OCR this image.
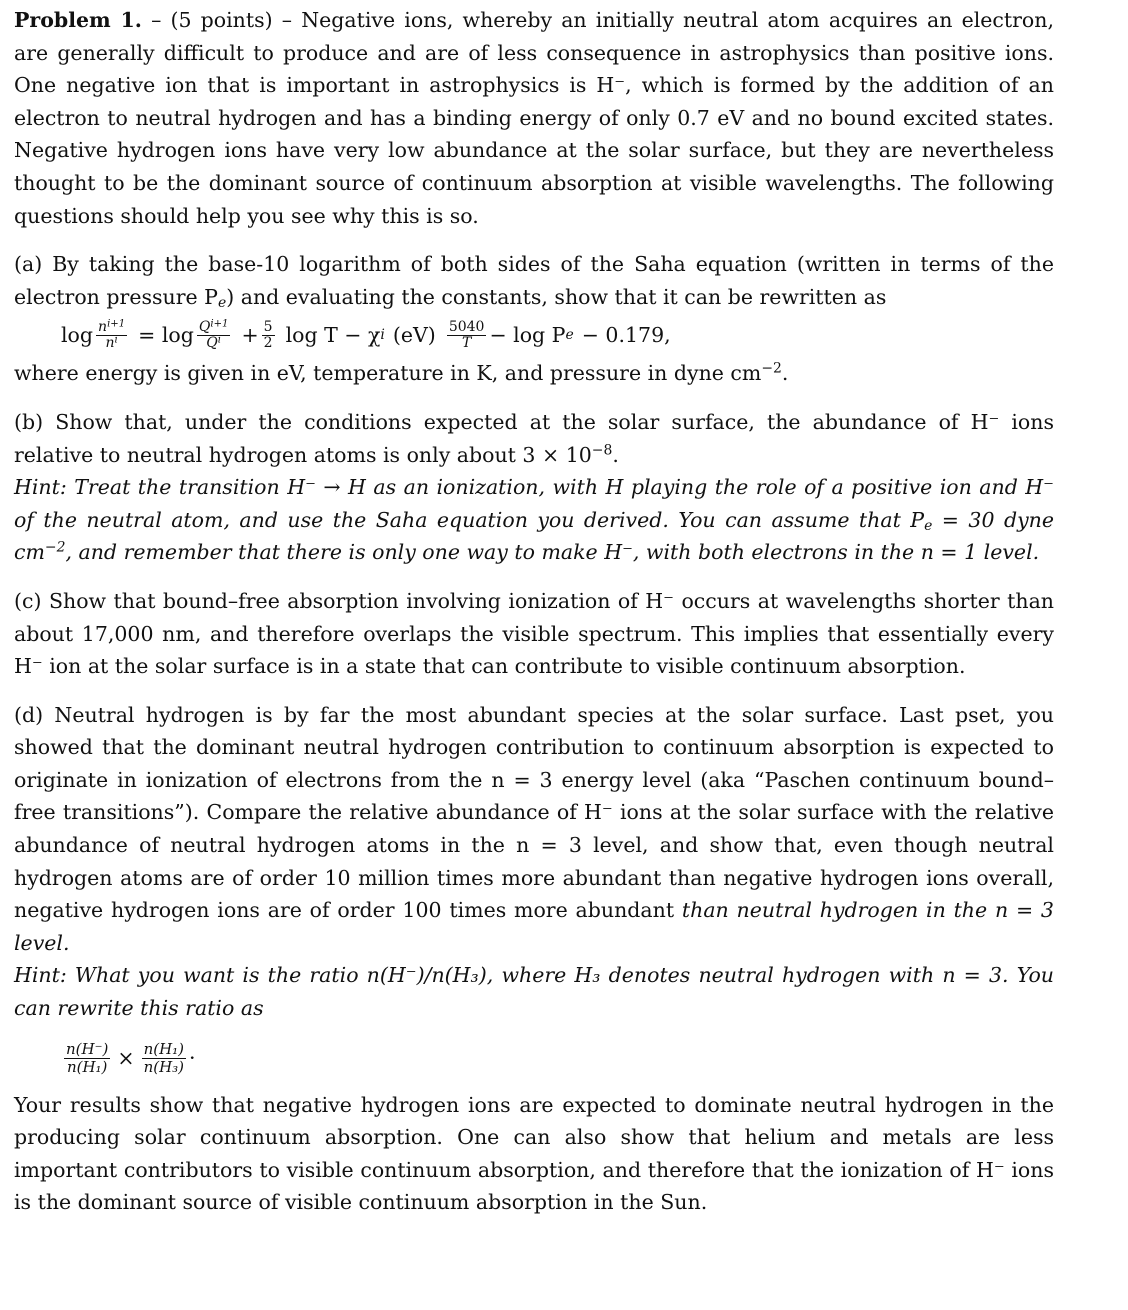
Problem 1. – (5 points) – Negative ions, whereby an initially neutral atom acquires an electron, are generally difficult to produce and are of less consequence in astrophysics than positive ions. One negative ion that is important in astrophysics is H⁻, which is formed by the addition of an electron to neutral hydrogen and has a binding energy of only 0.7 eV and no bound excited states. Negative hydrogen ions have very low abundance at the solar surface, but they are nevertheless thought to be the dominant source of continuum absorption at visible wavelengths. The following questions should help you see why this is so.

(a) By taking the base-10 logarithm of both sides of the Saha equation (written in terms of the electron pressure $P_e$) and evaluating the constants, show that it can be rewritten as

$\log \frac{n^{i+1}}{n^i} = \log \frac{Q^{i+1}}{Q^i} + \frac{5}{2}$ log T − χ i $(eV) \frac{5040}{T} - \log P$ e − 0.179,

where energy is given in eV, temperature in K, and pressure in dyne $cm^{-2}$.

(b) Show that, under the conditions expected at the solar surface, the abundance of H⁻ ions relative to neutral hydrogen atoms is only about $3 \times 10^{-8}$.

Hint: Treat the transition H⁻ → H as an ionization, with H playing the role of a positive ion and H⁻ of the neutral atom, and use the Saha equation you derived. You can assume that $P_e = 30$ dyne $cm^{-2}$, and remember that there is only one way to make H⁻, with both electrons in the n = 1 level.

(c) Show that bound–free absorption involving ionization of H⁻ occurs at wavelengths shorter than about 17,000 nm, and therefore overlaps the visible spectrum. This implies that essentially every H⁻ ion at the solar surface is in a state that can contribute to visible continuum absorption.

(d) Neutral hydrogen is by far the most abundant species at the solar surface. Last pset, you showed that the dominant neutral hydrogen contribution to continuum absorption is expected to originate in ionization of electrons from the n = 3 energy level (aka “Paschen continuum bound–free transitions”). Compare the relative abundance of H⁻ ions at the solar surface with the relative abundance of neutral hydrogen atoms in the n = 3 level, and show that, even though neutral hydrogen atoms are of order 10 million times more abundant than negative hydrogen ions overall, negative hydrogen ions are of order 100 times more abundant than neutral hydrogen in the n = 3 level.

Hint: What you want is the ratio n(H⁻)/n(H₃), where H₃ denotes neutral hydrogen with n = 3. You can rewrite this ratio as

$\frac{n(H^-)}{\text{n(H₁)}} \times \frac{\text{n(H₁)}}{\text{n(H₃)}}$ ·

Your results show that negative hydrogen ions are expected to dominate neutral hydrogen in the producing solar continuum absorption. One can also show that helium and metals are less important contributors to visible continuum absorption, and therefore that the ionization of H⁻ ions is the dominant source of visible continuum absorption in the Sun.
